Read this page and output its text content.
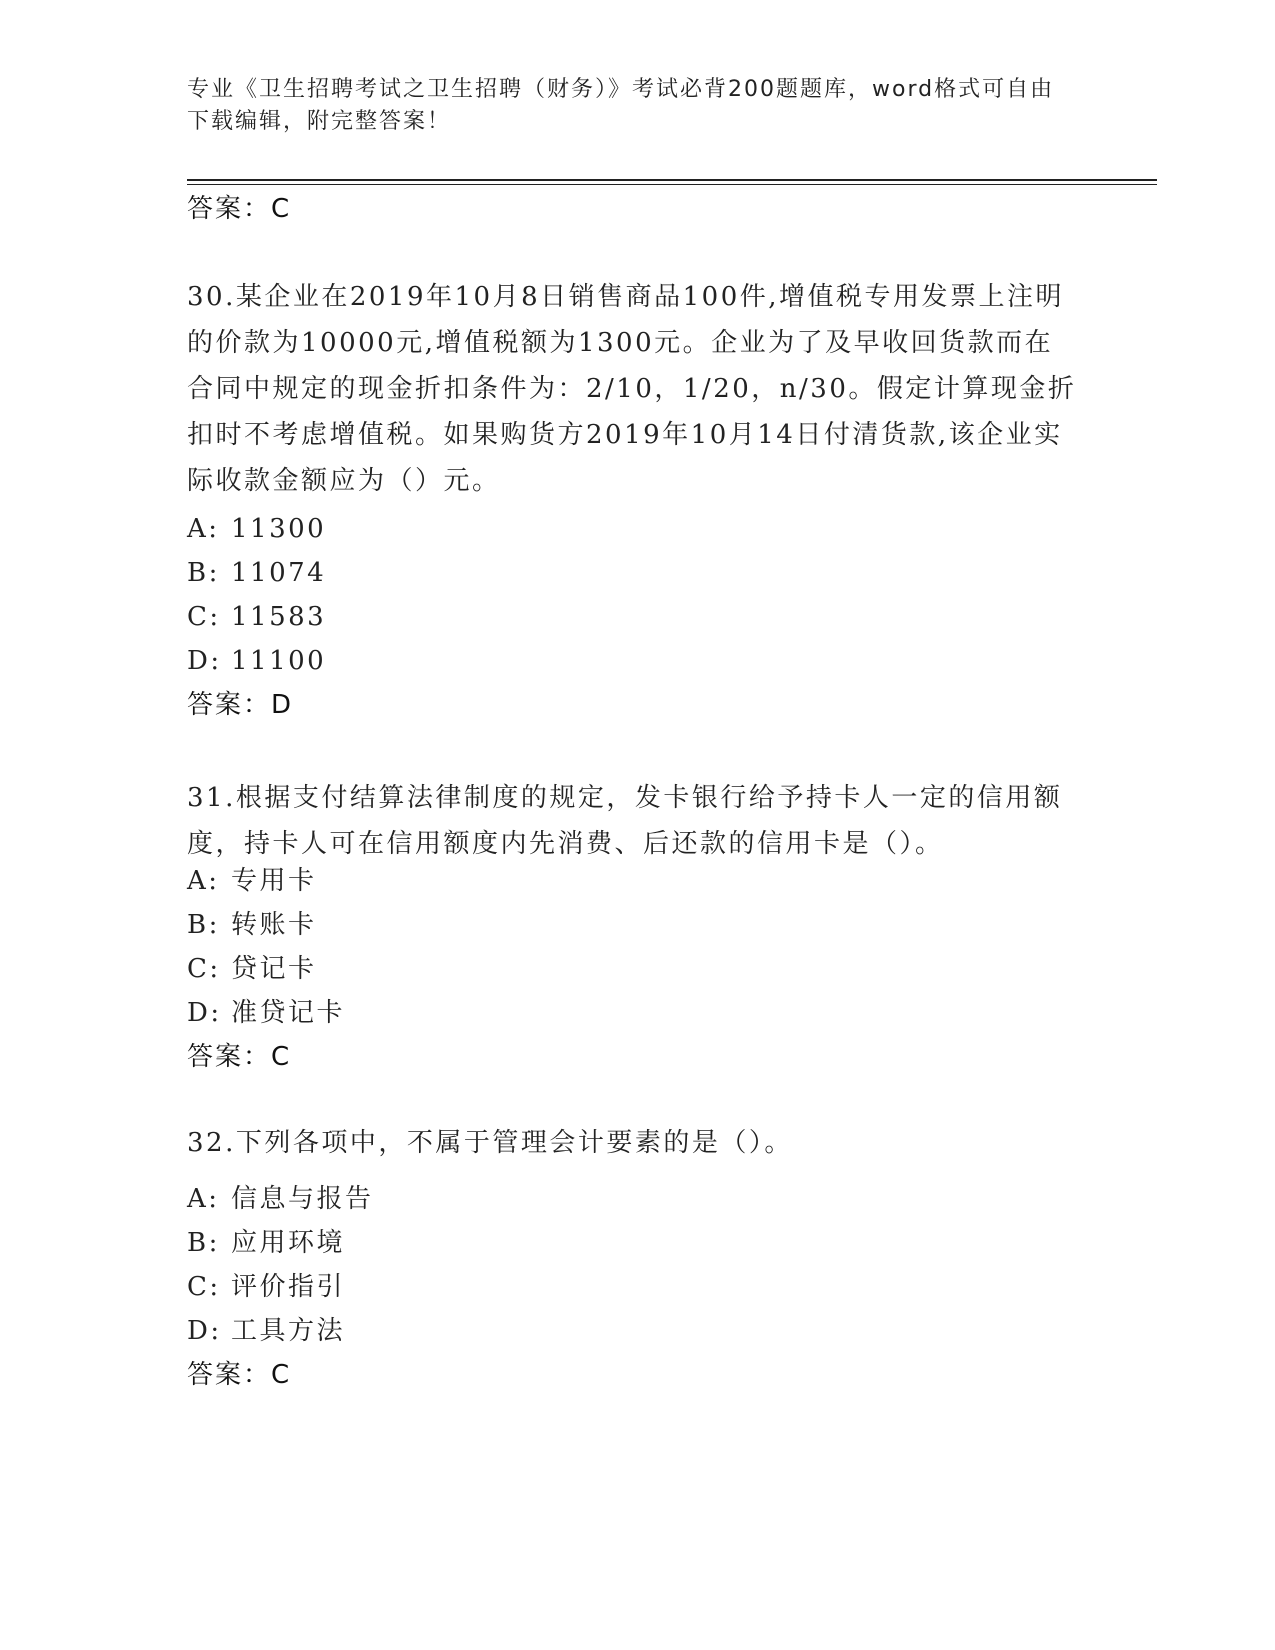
专业《卫生招聘考试之卫生招聘（财务）》考试必背200题题库，word格式可自由下载编辑，附完整答案！
答案：C
30.某企业在2019年10月8日销售商品100件,增值税专用发票上注明的价款为10000元,增值税额为1300元。企业为了及早收回货款而在合同中规定的现金折扣条件为：2/10，1/20，n/30。假定计算现金折扣时不考虑增值税。如果购货方2019年10月14日付清货款,该企业实际收款金额应为（）元。
A: 11300
B: 11074
C: 11583
D: 11100
答案：D
31.根据支付结算法律制度的规定，发卡银行给予持卡人一定的信用额度，持卡人可在信用额度内先消费、后还款的信用卡是（）。
A: 专用卡
B: 转账卡
C: 贷记卡
D: 准贷记卡
答案：C
32.下列各项中，不属于管理会计要素的是（）。
A: 信息与报告
B: 应用环境
C: 评价指引
D: 工具方法
答案：C
